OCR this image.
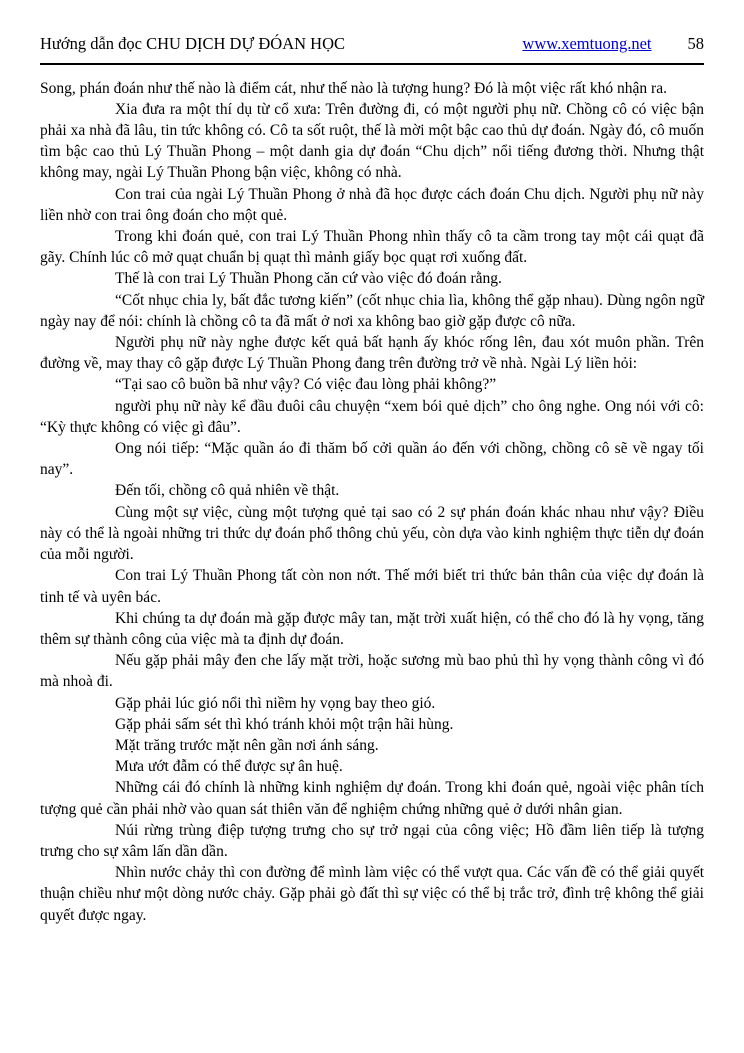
Hướng dẫn đọc CHU DỊCH DỰ ĐÓAN HỌC	www.xemtuong.net 58

Song, phán đoán như thế nào là điểm cát, như thế nào là tượng hung? Đó là một việc rất khó nhận ra.

Xia đưa ra một thí dụ từ cổ xưa: Trên đường đi, có một người phụ nữ. Chồng cô có việc bận phải xa nhà đã lâu, tin tức không có. Cô ta sốt ruột, thế là mời một bậc cao thủ dự đoán. Ngày đó, cô muốn tìm bậc cao thủ Lý Thuần Phong – một danh gia dự đoán “Chu dịch” nổi tiếng đương thời. Nhưng thật không may, ngài Lý Thuần Phong bận việc, không có nhà.

Con trai của ngài Lý Thuần Phong ở nhà đã học được cách đoán Chu dịch. Người phụ nữ này liền nhờ con trai ông đoán cho một quẻ.

Trong khi đoán quẻ, con trai Lý Thuần Phong nhìn thấy cô ta cầm trong tay một cái quạt đã gãy. Chính lúc cô mở quạt chuẩn bị quạt thì mảnh giấy bọc quạt rơi xuống đất.

Thế là con trai Lý Thuần Phong căn cứ vào việc đó đoán rằng.

“Cốt nhục chia ly, bất đắc tương kiến” (cốt nhục chia lìa, không thể gặp nhau). Dùng ngôn ngữ ngày nay để nói: chính là chồng cô ta đã mất ở nơi xa không bao giờ gặp được cô nữa.

Người phụ nữ này nghe được kết quả bất hạnh ấy khóc rống lên, đau xót muôn phần. Trên đường về, may thay cô gặp được Lý Thuần Phong đang trên đường trở về nhà. Ngài Lý liền hỏi:

“Tại sao cô buồn bã như vậy? Có việc đau lòng phải không?”

người phụ nữ này kể đầu đuôi câu chuyện “xem bói quẻ dịch” cho ông nghe. Ong nói với cô: “Kỳ thực không có việc gì đâu”.

Ong nói tiếp: “Mặc quần áo đi thăm bố cởi quần áo đến với chồng, chồng cô sẽ về ngay tối nay”.

Đến tối, chồng cô quả nhiên về thật.

Cùng một sự việc, cùng một tượng quẻ tại sao có 2 sự phán đoán khác nhau như vậy? Điều này có thể là ngoài những tri thức dự đoán phổ thông chủ yếu, còn dựa vào kinh nghiệm thực tiễn dự đoán của mỗi người.

Con trai Lý Thuần Phong tất còn non nớt. Thế mới biết tri thức bản thân của việc dự đoán là tinh tế và uyên bác.

Khi chúng ta dự đoán mà gặp được mây tan, mặt trời xuất hiện, có thể cho đó là hy vọng, tăng thêm sự thành công của việc mà ta định dự đoán.

Nếu gặp phải mây đen che lấy mặt trời, hoặc sương mù bao phủ thì hy vọng thành công vì đó mà nhoà đi.

Gặp phải lúc gió nổi thì niềm hy vọng bay theo gió.

Gặp phải sấm sét thì khó tránh khỏi một trận hãi hùng.

Mặt trăng trước mặt nên gần nơi ánh sáng.

Mưa ướt đẫm có thể được sự ân huệ.

Những cái đó chính là những kinh nghiệm dự đoán. Trong khi đoán quẻ, ngoài việc phân tích tượng quẻ cần phải nhờ vào quan sát thiên văn để nghiệm chứng những quẻ ở dưới nhân gian.

Núi rừng trùng điệp tượng trưng cho sự trở ngại của công việc; Hồ đầm liên tiếp là tượng trưng cho sự xâm lấn dần dần.

Nhìn nước chảy thì con đường để mình làm việc có thể vượt qua. Các vấn đề có thể giải quyết thuận chiều như một dòng nước chảy. Gặp phải gò đất thì sự việc có thể bị trắc trở, đình trệ không thể giải quyết được ngay.
